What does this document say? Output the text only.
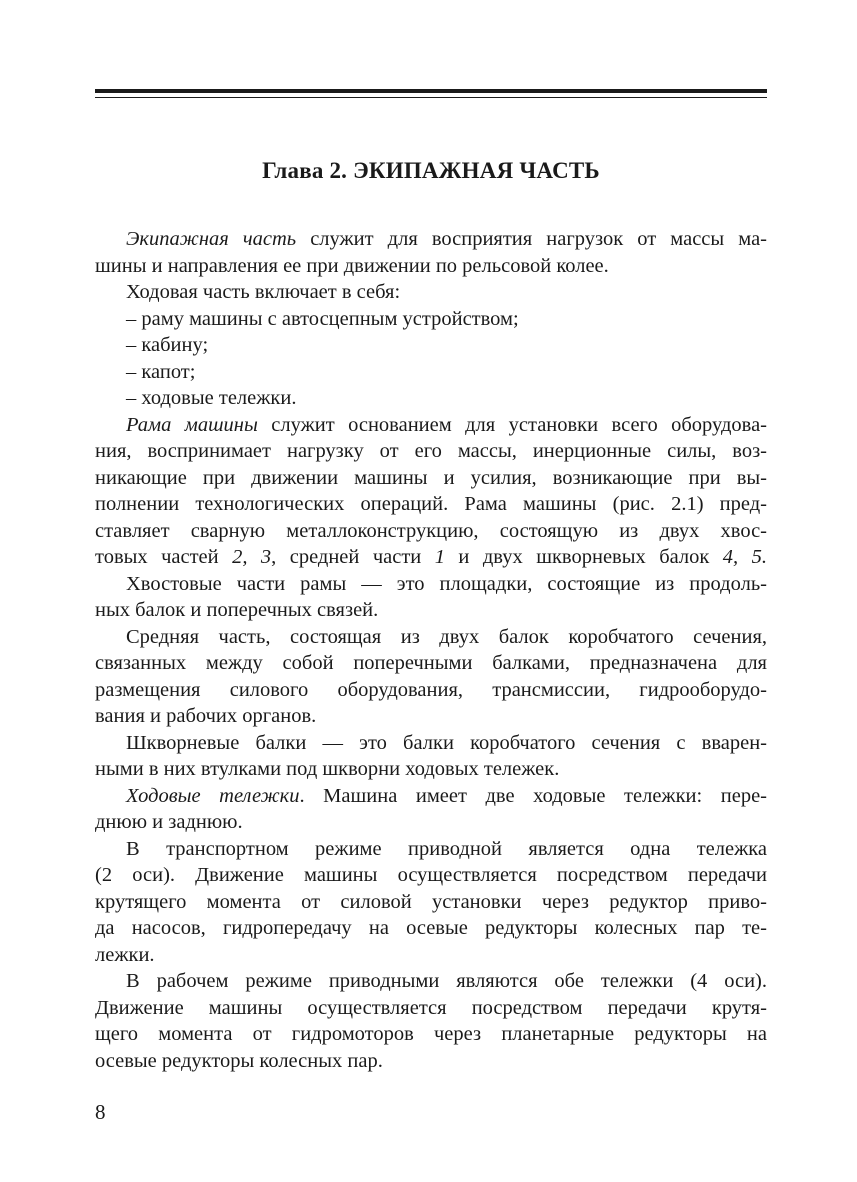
Глава 2. ЭКИПАЖНАЯ ЧАСТЬ
Экипажная часть служит для восприятия нагрузок от массы ма-
шины и направления ее при движении по рельсовой колее.
Ходовая часть включает в себя:
– раму машины с автосцепным устройством;
– кабину;
– капот;
– ходовые тележки.
Рама машины служит основанием для установки всего оборудова-
ния, воспринимает нагрузку от его массы, инерционные силы, воз-
никающие при движении машины и усилия, возникающие при вы-
полнении технологических операций. Рама машины (рис. 2.1) пред-
ставляет сварную металлоконструкцию, состоящую из двух хвос-
товых частей 2, 3, средней части 1 и двух шкворневых балок 4, 5.
Хвостовые части рамы — это площадки, состоящие из продоль-
ных балок и поперечных связей.
Средняя часть, состоящая из двух балок коробчатого сечения,
связанных между собой поперечными балками, предназначена для
размещения силового оборудования, трансмиссии, гидрооборудо-
вания и рабочих органов.
Шкворневые балки — это балки коробчатого сечения с вварен-
ными в них втулками под шкворни ходовых тележек.
Ходовые тележки. Машина имеет две ходовые тележки: пере-
днюю и заднюю.
В транспортном режиме приводной является одна тележка
(2 оси). Движение машины осуществляется посредством передачи
крутящего момента от силовой установки через редуктор приво-
да насосов, гидропередачу на осевые редукторы колесных пар те-
лежки.
В рабочем режиме приводными являются обе тележки (4 оси).
Движение машины осуществляется посредством передачи крутя-
щего момента от гидромоторов через планетарные редукторы на
осевые редукторы колесных пар.
8
